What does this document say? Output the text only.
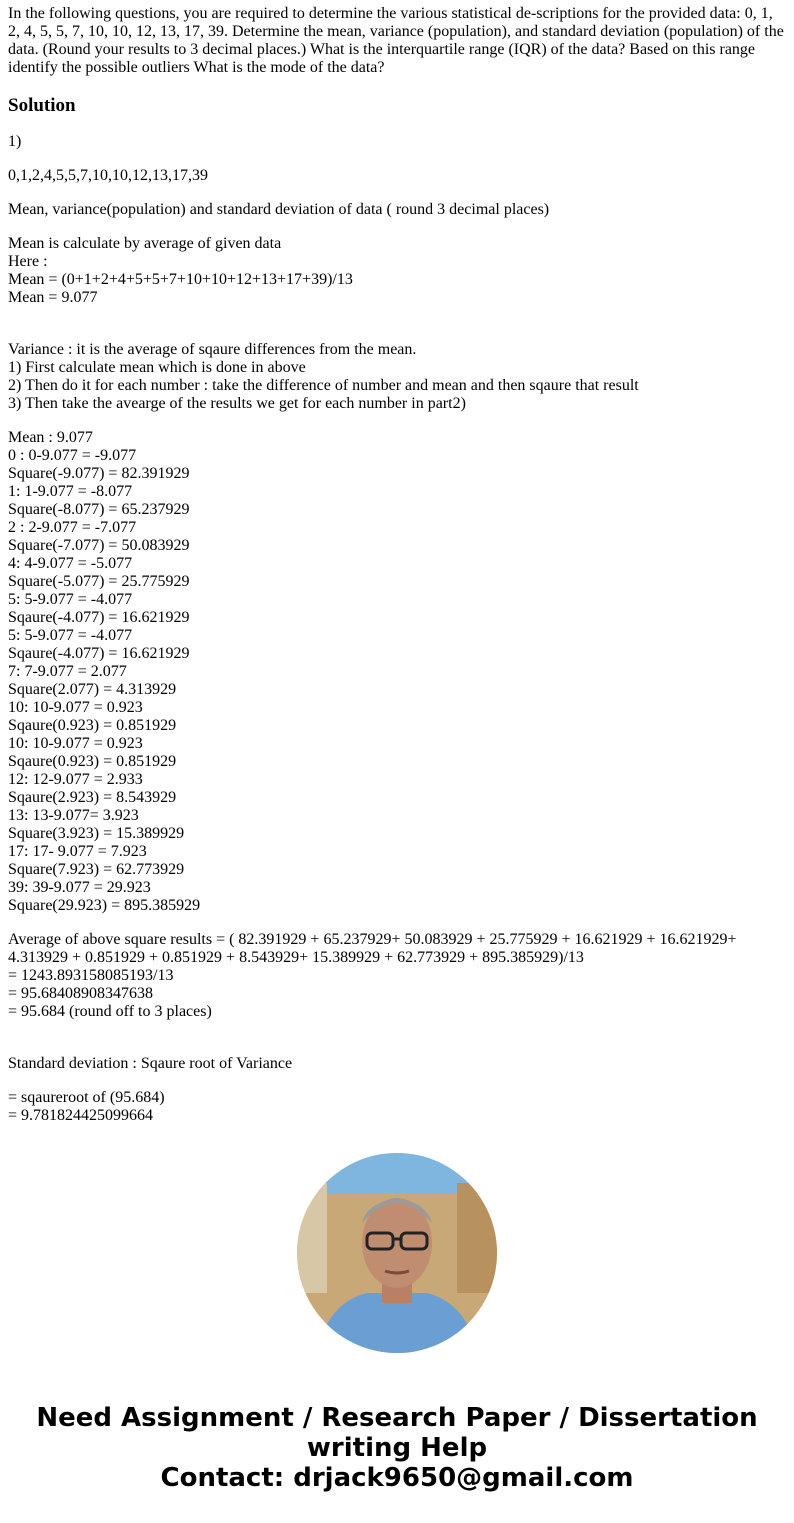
In the following questions, you are required to determine the various statistical de-scriptions for the provided data: 0, 1, 2, 4, 5, 5, 7, 10, 10, 12, 13, 17, 39. Determine the mean, variance (population), and standard deviation (population) of the data. (Round your results to 3 decimal places.) What is the interquartile range (IQR) of the data? Based on this range identify the possible outliers What is the mode of the data?

Solution

1)

0,1,2,4,5,5,7,10,10,12,13,17,39

Mean, variance(population) and standard deviation of data ( round 3 decimal places)

Mean is calculate by average of given data
Here :
Mean = (0+1+2+4+5+5+7+10+10+12+13+17+39)/13
Mean = 9.077

Variance : it is the average of sqaure differences from the mean.
1) First calculate mean which is done in above
2) Then do it for each number : take the difference of number and mean and then sqaure that result
3) Then take the avearge of the results we get for each number in part2)

Mean : 9.077
0 : 0-9.077 = -9.077
Square(-9.077) = 82.391929
1: 1-9.077 = -8.077
Square(-8.077) = 65.237929
2 : 2-9.077 = -7.077
Square(-7.077) = 50.083929
4: 4-9.077 = -5.077
Square(-5.077) = 25.775929
5: 5-9.077 = -4.077
Sqaure(-4.077) = 16.621929
5: 5-9.077 = -4.077
Sqaure(-4.077) = 16.621929
7: 7-9.077 = 2.077
Square(2.077) = 4.313929
10: 10-9.077 = 0.923
Sqaure(0.923) = 0.851929
10: 10-9.077 = 0.923
Sqaure(0.923) = 0.851929
12: 12-9.077 = 2.933
Sqaure(2.923) = 8.543929
13: 13-9.077= 3.923
Square(3.923) = 15.389929
17: 17- 9.077 = 7.923
Square(7.923) = 62.773929
39: 39-9.077 = 29.923
Square(29.923) = 895.385929

Average of above square results = ( 82.391929 + 65.237929+ 50.083929 + 25.775929 + 16.621929 + 16.621929+ 4.313929 + 0.851929 + 0.851929 + 8.543929+ 15.389929 + 62.773929 + 895.385929)/13
= 1243.893158085193/13
= 95.68408908347638
= 95.684 (round off to 3 places)

Standard deviation : Sqaure root of Variance

= sqaureroot of (95.684)
= 9.781824425099664

Need Assignment / Research Paper / Dissertation
writing Help
Contact: drjack9650@gmail.com
